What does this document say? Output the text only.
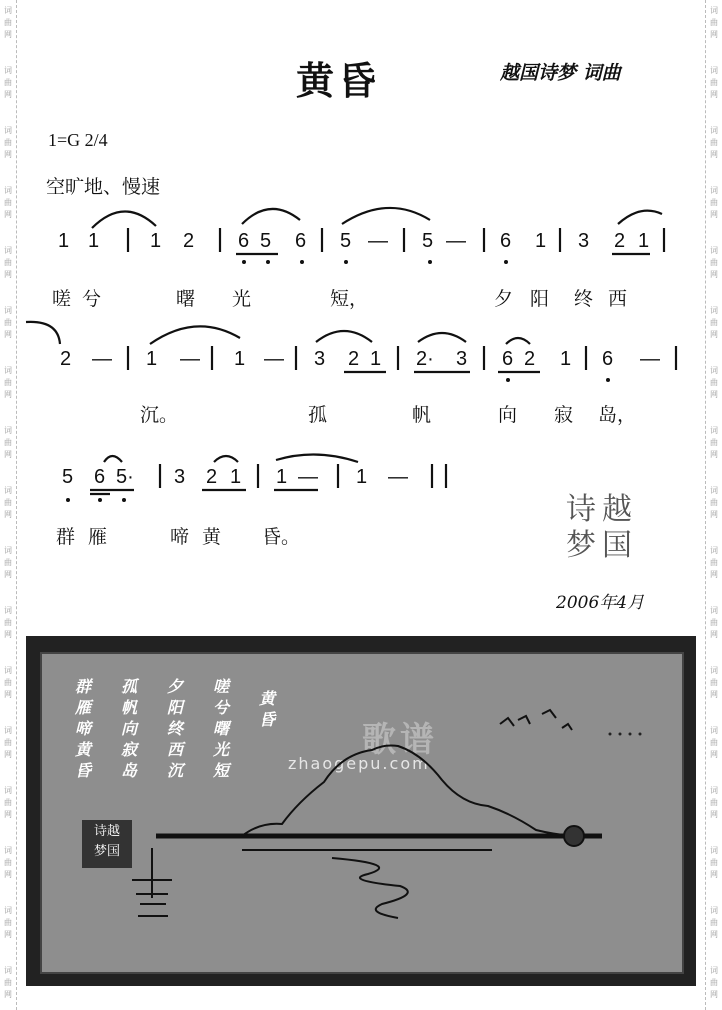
词
曲
网
词
曲
网
词
曲
网
词
曲
网
词
曲
网
词
曲
网
词
曲
网
词
曲
网
词
曲
网
词
曲
网
词
曲
网
词
曲
网
词
曲
网
词
曲
网
词
曲
网
词
曲
网
词
曲
网
词
曲
网
词
曲
网
词
曲
网
词
曲
网
词
曲
网
词
曲
网
词
曲
网
词
曲
网
词
曲
网
词
曲
网
词
曲
网
词
曲
网
词
曲
网
词
曲
网
词
曲
网
词
曲
网
词
曲
网
黄昏	越国诗梦 词曲
1=G 2/4
空旷地、慢速
1 1	1 2 6 5 6 5 — 5 — 6 1 3 2 1
嗟 兮	曙 光	短，	夕 阳 终 西
2 — 1 — 1 — 3 2 1 2· 3 6 2 1 6 —
沉。	孤	帆	向 寂 岛，
5 6 5· 3 2 1 1 — 1 —
群 雁	啼 黄 昏。
越
国
诗
梦
2006年4月
群雁啼黄昏
孤帆向寂岛
夕阳终西沉
嗟兮曙光短
黄昏
诗越
梦国
歌谱
zhaogepu.com
